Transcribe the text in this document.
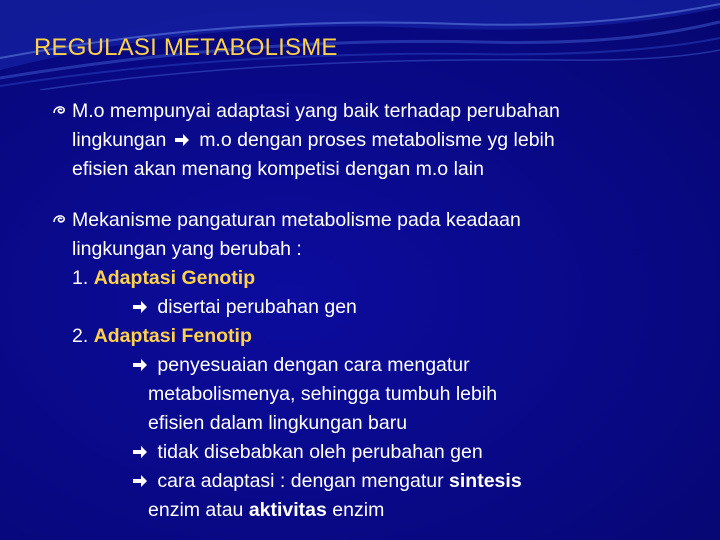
REGULASI METABOLISME
M.o mempunyai adaptasi yang baik terhadap perubahan
lingkungan m.o dengan proses metabolisme yg lebih
efisien akan menang kompetisi dengan m.o lain
Mekanisme pangaturan metabolisme pada keadaan
lingkungan yang berubah :
1. Adaptasi Genotip
disertai perubahan gen
2. Adaptasi Fenotip
penyesuaian dengan cara mengatur
metabolismenya, sehingga tumbuh lebih
efisien dalam lingkungan baru
tidak disebabkan oleh perubahan gen
cara adaptasi : dengan mengatur sintesis
enzim atau aktivitas enzim
